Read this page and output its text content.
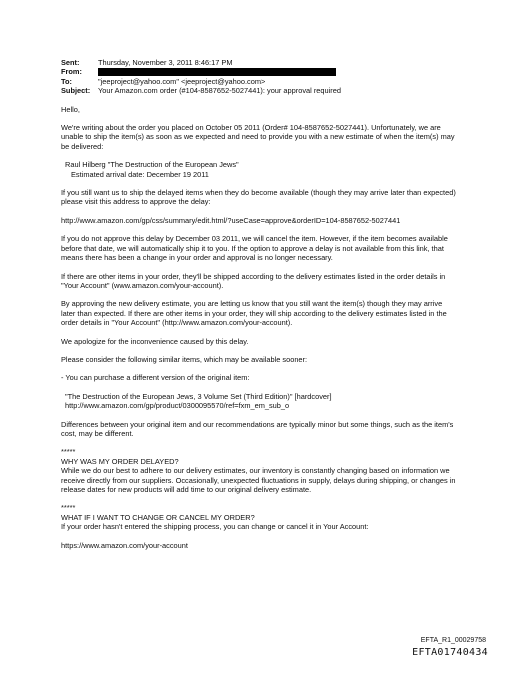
Sent:	Thursday, November 3, 2011 8:46:17 PM
From:
To:	"jeeproject@yahoo.com" <jeeproject@yahoo.com>
Subject:	Your Amazon.com order (#104-8587652-5027441): your approval required

Hello,

We're writing about the order you placed on October 05 2011 (Order# 104-8587652-5027441). Unfortunately, we are unable to ship the item(s) as soon as we expected and need to provide you with a new estimate of when the item(s) may be delivered:

Raul Hilberg "The Destruction of the European Jews"

Estimated arrival date: December 19 2011

If you still want us to ship the delayed items when they do become available (though they may arrive later than expected) please visit this address to approve the delay:

http://www.amazon.com/gp/css/summary/edit.html/?useCase=approve&orderID=104-8587652-5027441

If you do not approve this delay by December 03 2011, we will cancel the item. However, if the item becomes available before that date, we will automatically ship it to you. If the option to approve a delay is not available from this link, that means there has been a change in your order and approval is no longer necessary.

If there are other items in your order, they'll be shipped according to the delivery estimates listed in the order details in "Your Account" (www.amazon.com/your-account).

By approving the new delivery estimate, you are letting us know that you still want the item(s) though they may arrive later than expected. If there are other items in your order, they will ship according to the delivery estimates listed in the order details in "Your Account" (http://www.amazon.com/your-account).

We apologize for the inconvenience caused by this delay.

Please consider the following similar items, which may be available sooner:

- You can purchase a different version of the original item:

"The Destruction of the European Jews, 3 Volume Set (Third Edition)" [hardcover]

http://www.amazon.com/gp/product/0300095570/ref=fxm_em_sub_o

Differences between your original item and our recommendations are typically minor but some things, such as the item's cost, may be different.

*****

WHY WAS MY ORDER DELAYED?

While we do our best to adhere to our delivery estimates, our inventory is constantly changing based on information we receive directly from our suppliers. Occasionally, unexpected fluctuations in supply, delays during shipping, or changes in release dates for new products will add time to our original delivery estimate.

*****

WHAT IF I WANT TO CHANGE OR CANCEL MY ORDER?

If your order hasn't entered the shipping process, you can change or cancel it in Your Account:

https://www.amazon.com/your-account

EFTA_R1_00029758
EFTA01740434
